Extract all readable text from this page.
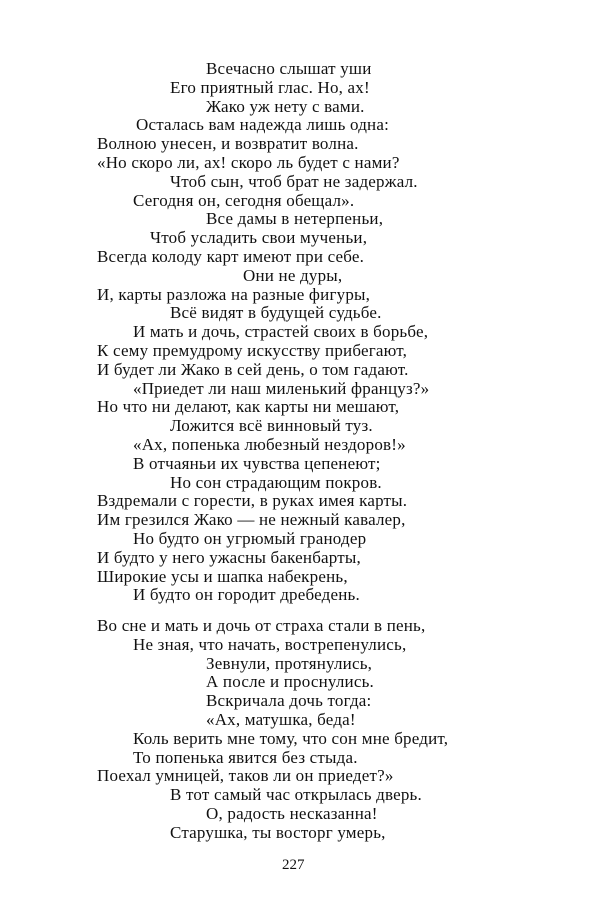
Всечасно слышат уши
Его приятный глас. Но, ах!
Жако уж нету с вами.
Осталась вам надежда лишь одна:
Волною унесен, и возвратит волна.
«Но скоро ли, ах! скоро ль будет с нами?
Чтоб сын, чтоб брат не задержал.
Сегодня он, сегодня обещал».
Все дамы в нетерпеньи,
Чтоб усладить свои мученьи,
Всегда колоду карт имеют при себе.
Они не дуры,
И, карты разложа на разные фигуры,
Всё видят в будущей судьбе.
И мать и дочь, страстей своих в борьбе,
К сему премудрому искусству прибегают,
И будет ли Жако в сей день, о том гадают.
«Приедет ли наш миленький француз?»
Но что ни делают, как карты ни мешают,
Ложится всё винновый туз.
«Ах, попенька любезный нездоров!»
В отчаяньи их чувства цепенеют;
Но сон страдающим покров.
Вздремали с горести, в руках имея карты.
Им грезился Жако — не нежный кавалер,
Но будто он угрюмый гранодер
И будто у него ужасны бакенбарты,
Широкие усы и шапка набекрень,
И будто он городит дребедень.
Во сне и мать и дочь от страха стали в пень,
Не зная, что начать, вострепенулись,
Зевнули, протянулись,
А после и проснулись.
Вскричала дочь тогда:
«Ах, матушка, беда!
Коль верить мне тому, что сон мне бредит,
То попенька явится без стыда.
Поехал умницей, таков ли он приедет?»
В тот самый час открылась дверь.
О, радость несказанна!
Старушка, ты восторг умерь,
227
